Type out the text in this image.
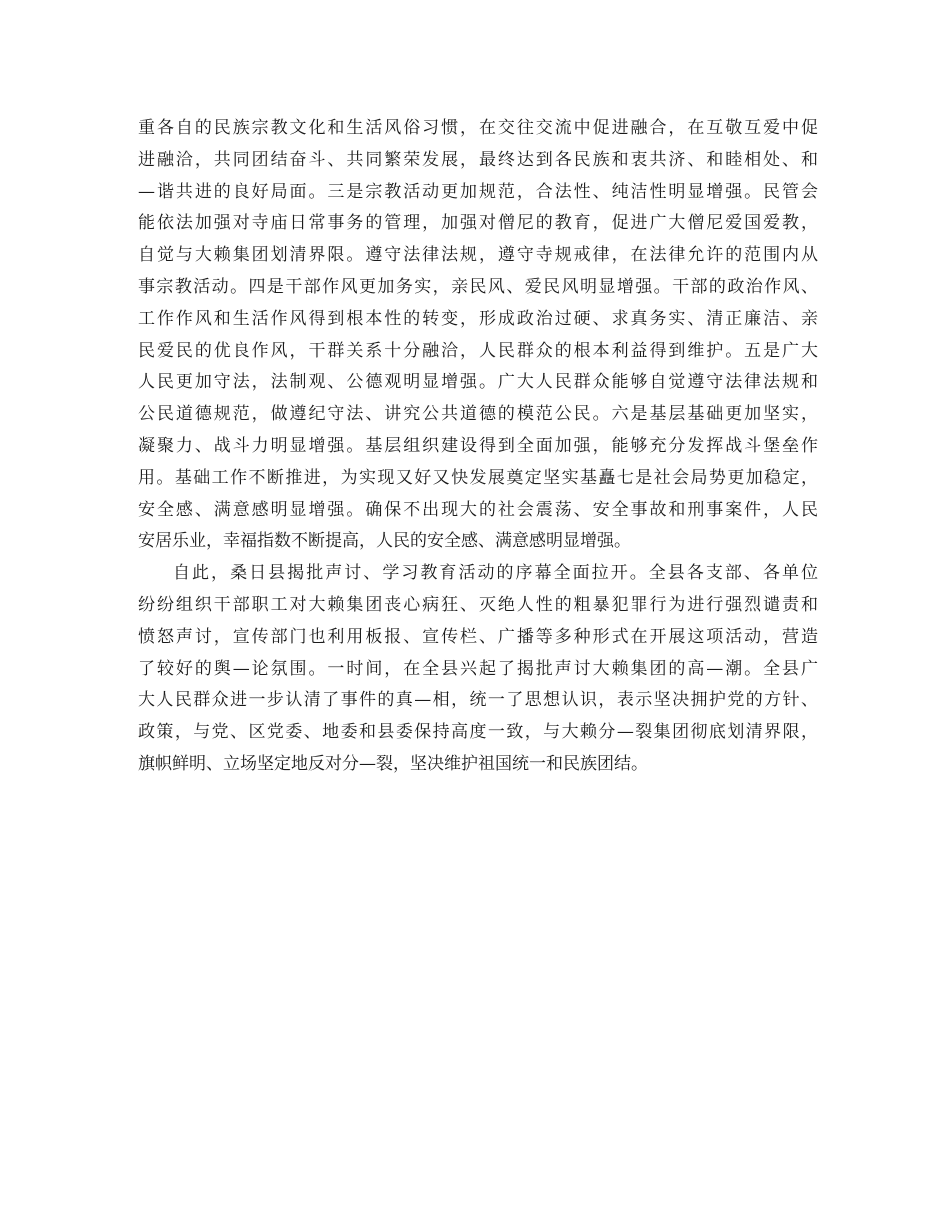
重各自的民族宗教文化和生活风俗习惯，在交往交流中促进融合，在互敬互爱中促
进融洽，共同团结奋斗、共同繁荣发展，最终达到各民族和衷共济、和睦相处、和
—谐共进的良好局面。三是宗教活动更加规范，合法性、纯洁性明显增强。民管会
能依法加强对寺庙日常事务的管理，加强对僧尼的教育，促进广大僧尼爱国爱教，
自觉与大赖集团划清界限。遵守法律法规，遵守寺规戒律，在法律允许的范围内从
事宗教活动。四是干部作风更加务实，亲民风、爱民风明显增强。干部的政治作风、
工作作风和生活作风得到根本性的转变，形成政治过硬、求真务实、清正廉洁、亲
民爱民的优良作风，干群关系十分融洽，人民群众的根本利益得到维护。五是广大
人民更加守法，法制观、公德观明显增强。广大人民群众能够自觉遵守法律法规和
公民道德规范，做遵纪守法、讲究公共道德的模范公民。六是基层基础更加坚实，
凝聚力、战斗力明显增强。基层组织建设得到全面加强，能够充分发挥战斗堡垒作
用。基础工作不断推进，为实现又好又快发展奠定坚实基矗七是社会局势更加稳定，
安全感、满意感明显增强。确保不出现大的社会震荡、安全事故和刑事案件，人民
安居乐业，幸福指数不断提高，人民的安全感、满意感明显增强。
自此，桑日县揭批声讨、学习教育活动的序幕全面拉开。全县各支部、各单位
纷纷组织干部职工对大赖集团丧心病狂、灭绝人性的粗暴犯罪行为进行强烈谴责和
愤怒声讨，宣传部门也利用板报、宣传栏、广播等多种形式在开展这项活动，营造
了较好的舆—论氛围。一时间，在全县兴起了揭批声讨大赖集团的高—潮。全县广
大人民群众进一步认清了事件的真—相，统一了思想认识，表示坚决拥护党的方针、
政策，与党、区党委、地委和县委保持高度一致，与大赖分—裂集团彻底划清界限，
旗帜鲜明、立场坚定地反对分—裂，坚决维护祖国统一和民族团结。
